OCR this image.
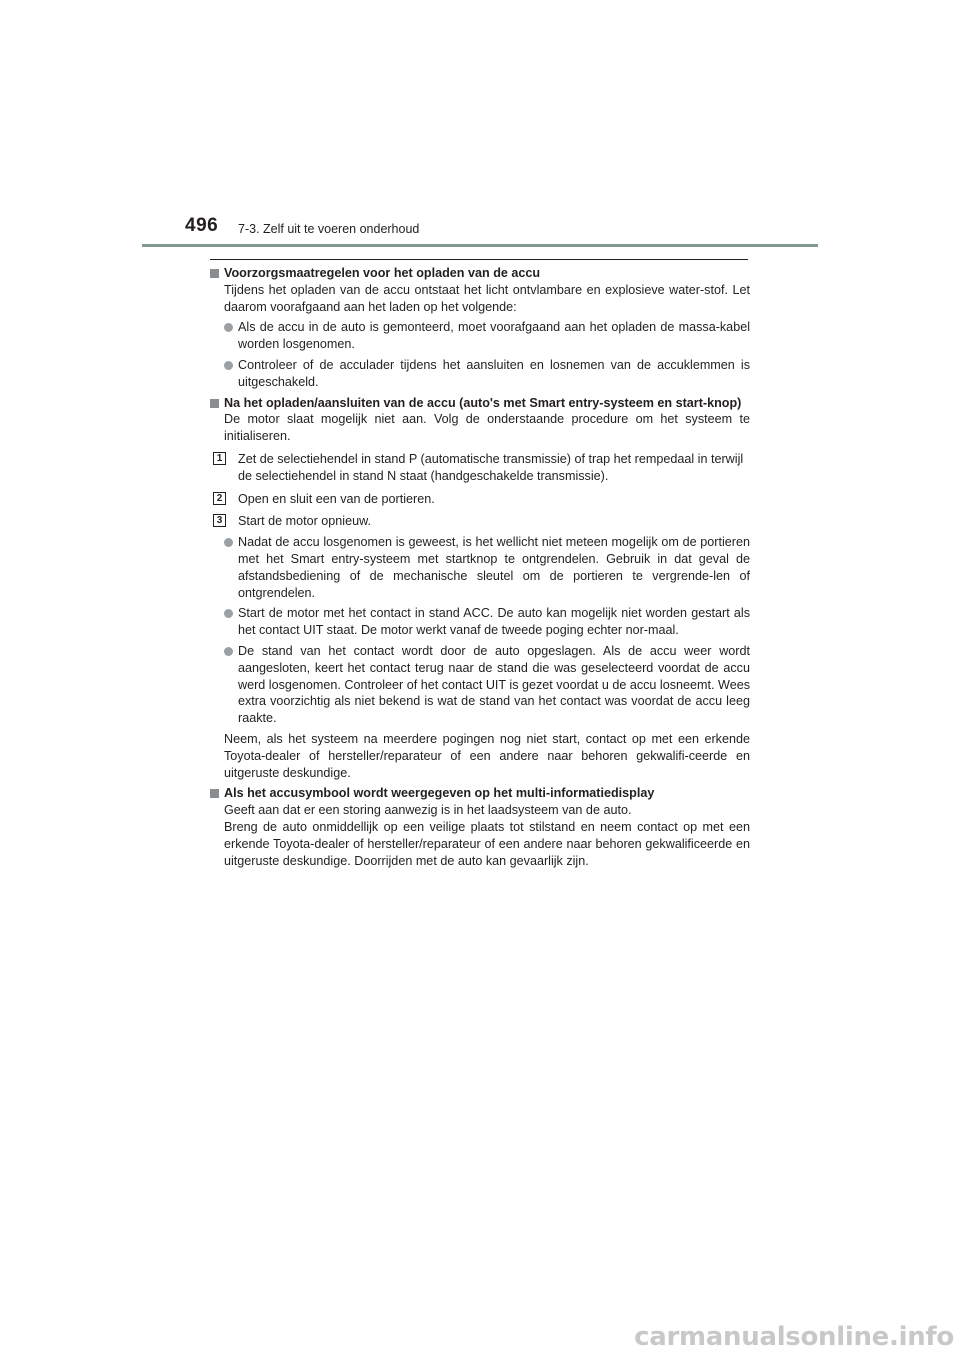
496 7-3. Zelf uit te voeren onderhoud
Voorzorgsmaatregelen voor het opladen van de accu
Tijdens het opladen van de accu ontstaat het licht ontvlambare en explosieve water-stof. Let daarom voorafgaand aan het laden op het volgende:
Als de accu in de auto is gemonteerd, moet voorafgaand aan het opladen de massa-kabel worden losgenomen.
Controleer of de acculader tijdens het aansluiten en losnemen van de accuklemmen is uitgeschakeld.
Na het opladen/aansluiten van de accu (auto's met Smart entry-systeem en start-knop)
De motor slaat mogelijk niet aan. Volg de onderstaande procedure om het systeem te initialiseren.
1 Zet de selectiehendel in stand P (automatische transmissie) of trap het rempedaal in terwijl de selectiehendel in stand N staat (handgeschakelde transmissie).
2 Open en sluit een van de portieren.
3 Start de motor opnieuw.
Nadat de accu losgenomen is geweest, is het wellicht niet meteen mogelijk om de portieren met het Smart entry-systeem met startknop te ontgrendelen. Gebruik in dat geval de afstandsbediening of de mechanische sleutel om de portieren te vergrende-len of ontgrendelen.
Start de motor met het contact in stand ACC. De auto kan mogelijk niet worden gestart als het contact UIT staat. De motor werkt vanaf de tweede poging echter nor-maal.
De stand van het contact wordt door de auto opgeslagen. Als de accu weer wordt aangesloten, keert het contact terug naar de stand die was geselecteerd voordat de accu werd losgenomen. Controleer of het contact UIT is gezet voordat u de accu losneemt. Wees extra voorzichtig als niet bekend is wat de stand van het contact was voordat de accu leeg raakte.
Neem, als het systeem na meerdere pogingen nog niet start, contact op met een erkende Toyota-dealer of hersteller/reparateur of een andere naar behoren gekwalifi-ceerde en uitgeruste deskundige.
Als het accusymbool wordt weergegeven op het multi-informatiedisplay
Geeft aan dat er een storing aanwezig is in het laadsysteem van de auto.
Breng de auto onmiddellijk op een veilige plaats tot stilstand en neem contact op met een erkende Toyota-dealer of hersteller/reparateur of een andere naar behoren gekwalificeerde en uitgeruste deskundige. Doorrijden met de auto kan gevaarlijk zijn.
carmanualsonline.info
